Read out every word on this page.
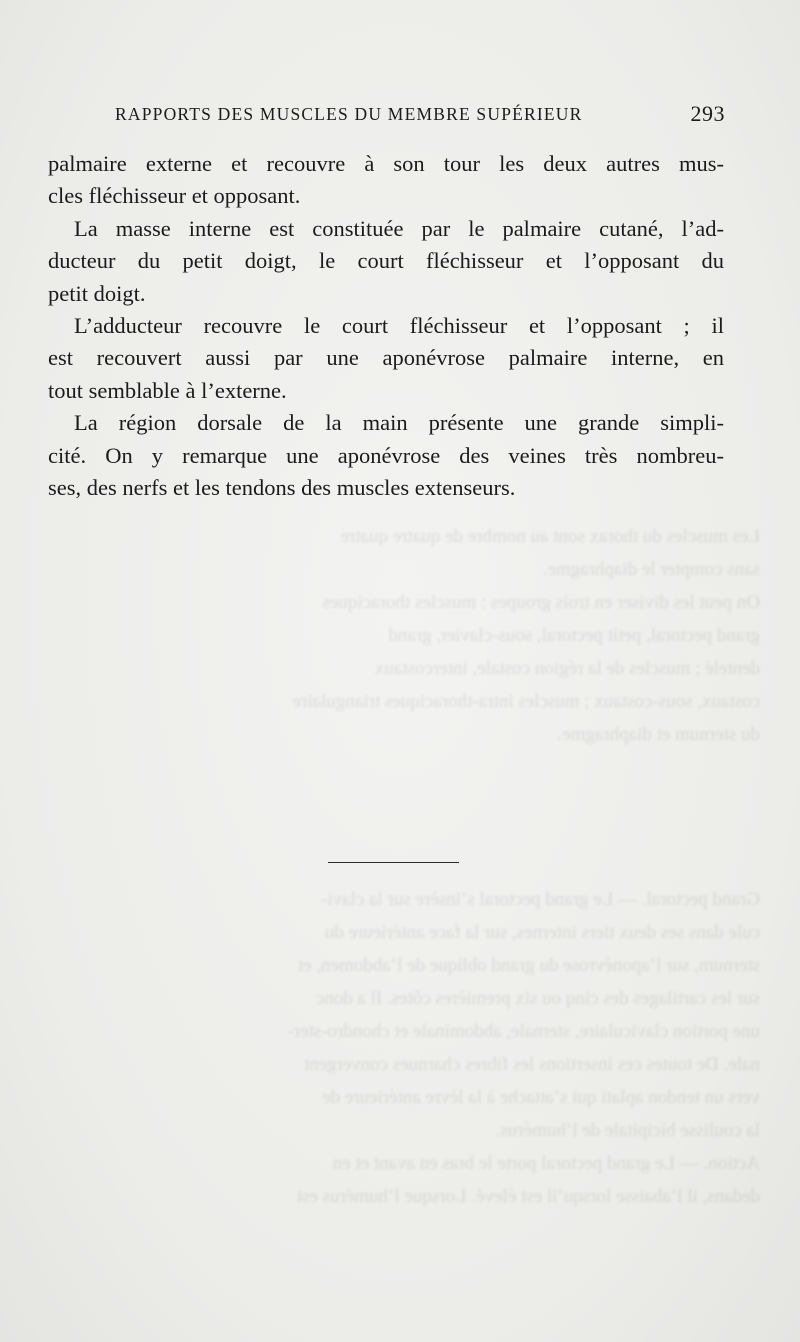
Les muscles du thorax sont au nombre de quatre quatre
sans compter le diaphragme.
On peut les diviser en trois groupes : muscles thoraciques
grand pectoral, petit pectoral, sous-clavier, grand
dentelé ; muscles de la région costale, intercostaux
costaux, sous-costaux ; muscles intra-thoraciques triangulaire
du sternum et diaphragme.

Grand pectoral. — Le grand pectoral s’insère sur la clavi-
cule dans ses deux tiers internes, sur la face antérieure du
sternum, sur l’aponévrose du grand oblique de l’abdomen, et
sur les cartilages des cinq ou six premières côtes. Il a donc
une portion claviculaire, sternale, abdominale et chondro-ster-
nale. De toutes ces insertions les fibres charnues convergent
vers un tendon aplati qui s’attache à la lèvre antérieure de
la coulisse bicipitale de l’humérus.
Action. — Le grand pectoral porte le bras en avant et en
dedans, il l’abaisse lorsqu’il est élevé. Lorsque l’humérus est
RAPPORTS DES MUSCLES DU MEMBRE SUPÉRIEUR	293
palmaire externe et recouvre à son tour les deux autres mus-
cles fléchisseur et opposant.
La masse interne est constituée par le palmaire cutané, l’ad-
ducteur du petit doigt, le court fléchisseur et l’opposant du
petit doigt.
L’adducteur recouvre le court fléchisseur et l’opposant ; il
est recouvert aussi par une aponévrose palmaire interne, en
tout semblable à l’externe.
La région dorsale de la main présente une grande simpli-
cité. On y remarque une aponévrose des veines très nombreu-
ses, des nerfs et les tendons des muscles extenseurs.
